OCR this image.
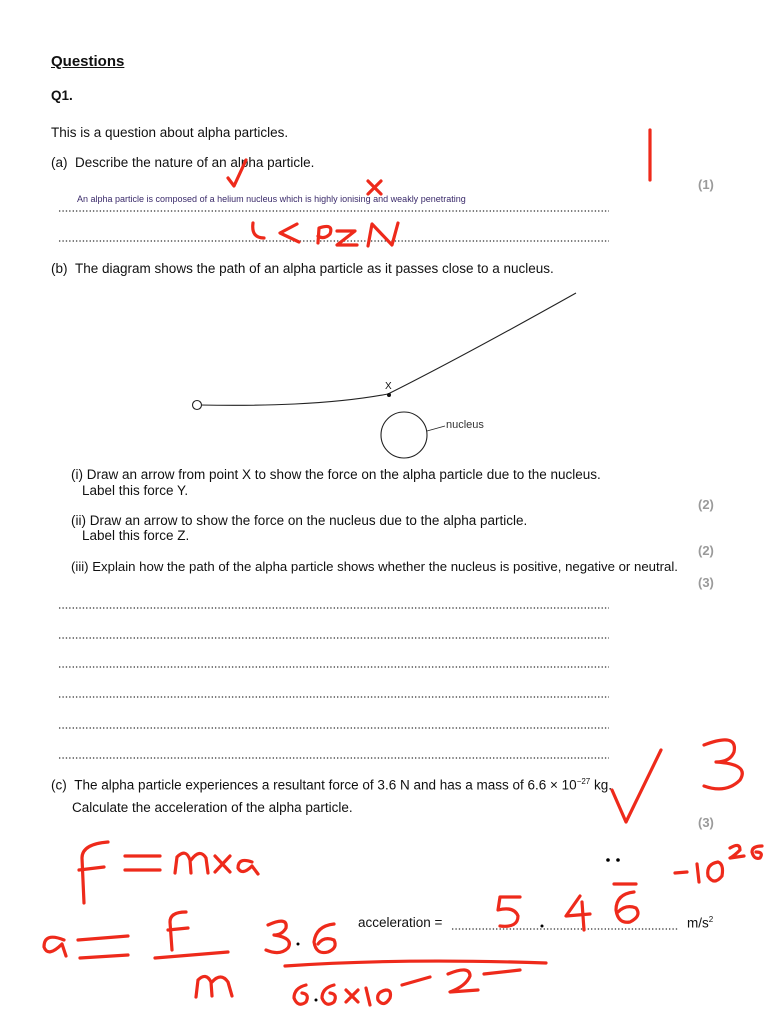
Questions
Q1.
This is a question about alpha particles.
(a) Describe the nature of an alpha particle.
(1)
An alpha particle is composed of a helium nucleus which is highly ionising and weakly penetrating
(b) The diagram shows the path of an alpha particle as it passes close to a nucleus.
X
nucleus
(i) Draw an arrow from point X to show the force on the alpha particle due to the nucleus.
Label this force Y.
(2)
(ii) Draw an arrow to show the force on the nucleus due to the alpha particle.
Label this force Z.
(2)
(iii) Explain how the path of the alpha particle shows whether the nucleus is positive, negative or neutral.
(3)
(c) The alpha particle experiences a resultant force of 3.6 N and has a mass of $6.6 \times 10^{-27}$ kg.
Calculate the acceleration of the alpha particle.
(3)
acceleration =	$m/s^2$
